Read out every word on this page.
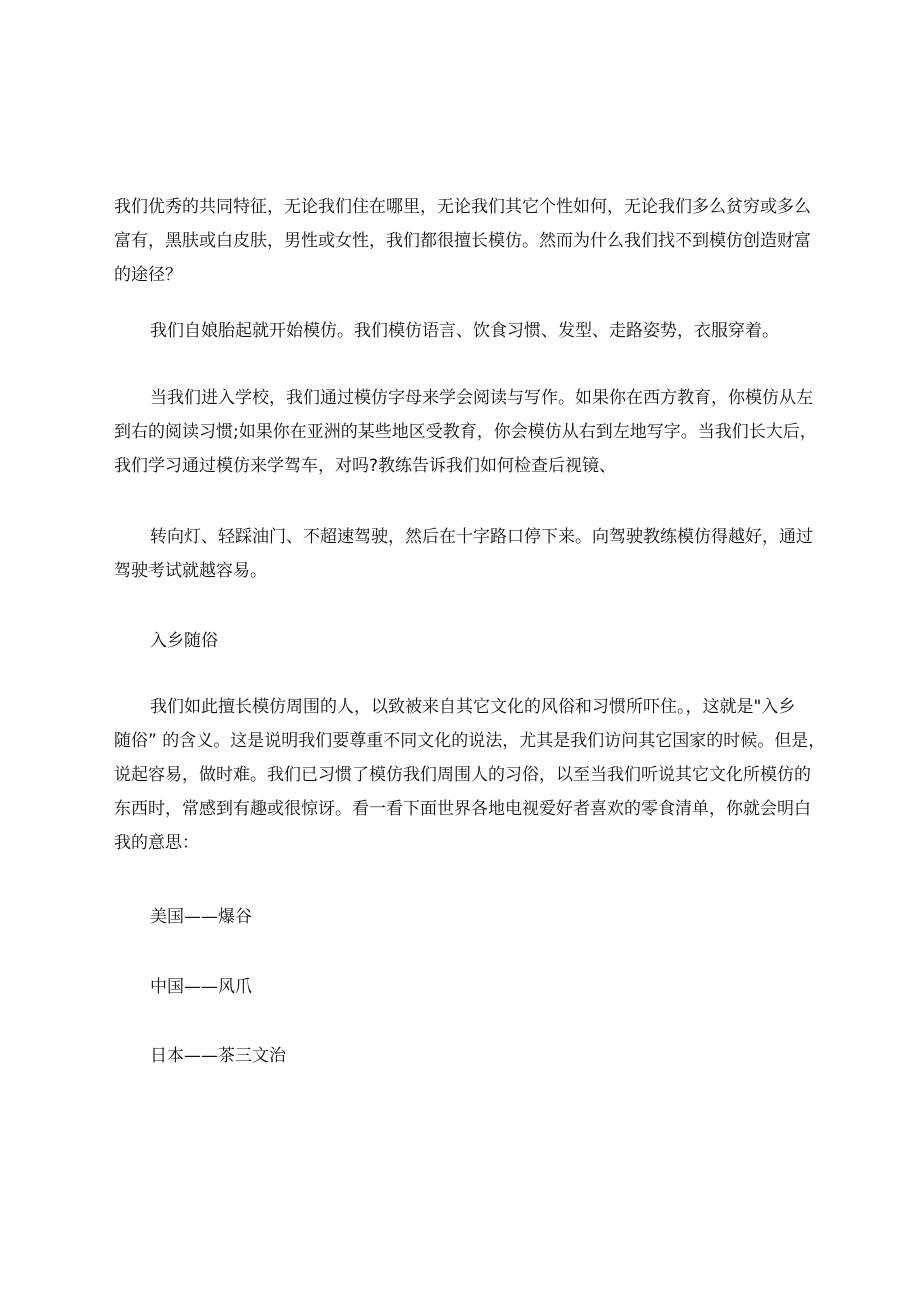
我们优秀的共同特征，无论我们住在哪里，无论我们其它个性如何，无论我们多么贫穷或多么
富有，黑肤或白皮肤，男性或女性，我们都很擅长模仿。然而为什么我们找不到模仿创造财富
的途径？
我们自娘胎起就开始模仿。我们模仿语言、饮食习惯、发型、走路姿势，衣服穿着。
当我们进入学校，我们通过模仿字母来学会阅读与写作。如果你在西方教育，你模仿从左
到右的阅读习惯;如果你在亚洲的某些地区受教育，你会模仿从右到左地写字。当我们长大后，
我们学习通过模仿来学驾车，对吗?教练告诉我们如何检查后视镜、
转向灯、轻踩油门、不超速驾驶，然后在十字路口停下来。向驾驶教练模仿得越好，通过
驾驶考试就越容易。
入乡随俗
我们如此擅长模仿周围的人，以致被来自其它文化的风俗和习惯所吓住。，这就是"入乡
随俗” 的含义。这是说明我们要尊重不同文化的说法，尤其是我们访问其它国家的时候。但是，
说起容易，做时难。我们已习惯了模仿我们周围人的习俗，以至当我们听说其它文化所模仿的
东西时，常感到有趣或很惊讶。看一看下面世界各地电视爱好者喜欢的零食清单，你就会明白
我的意思：
美国——爆谷
中国——风爪
日本——茶三文治
